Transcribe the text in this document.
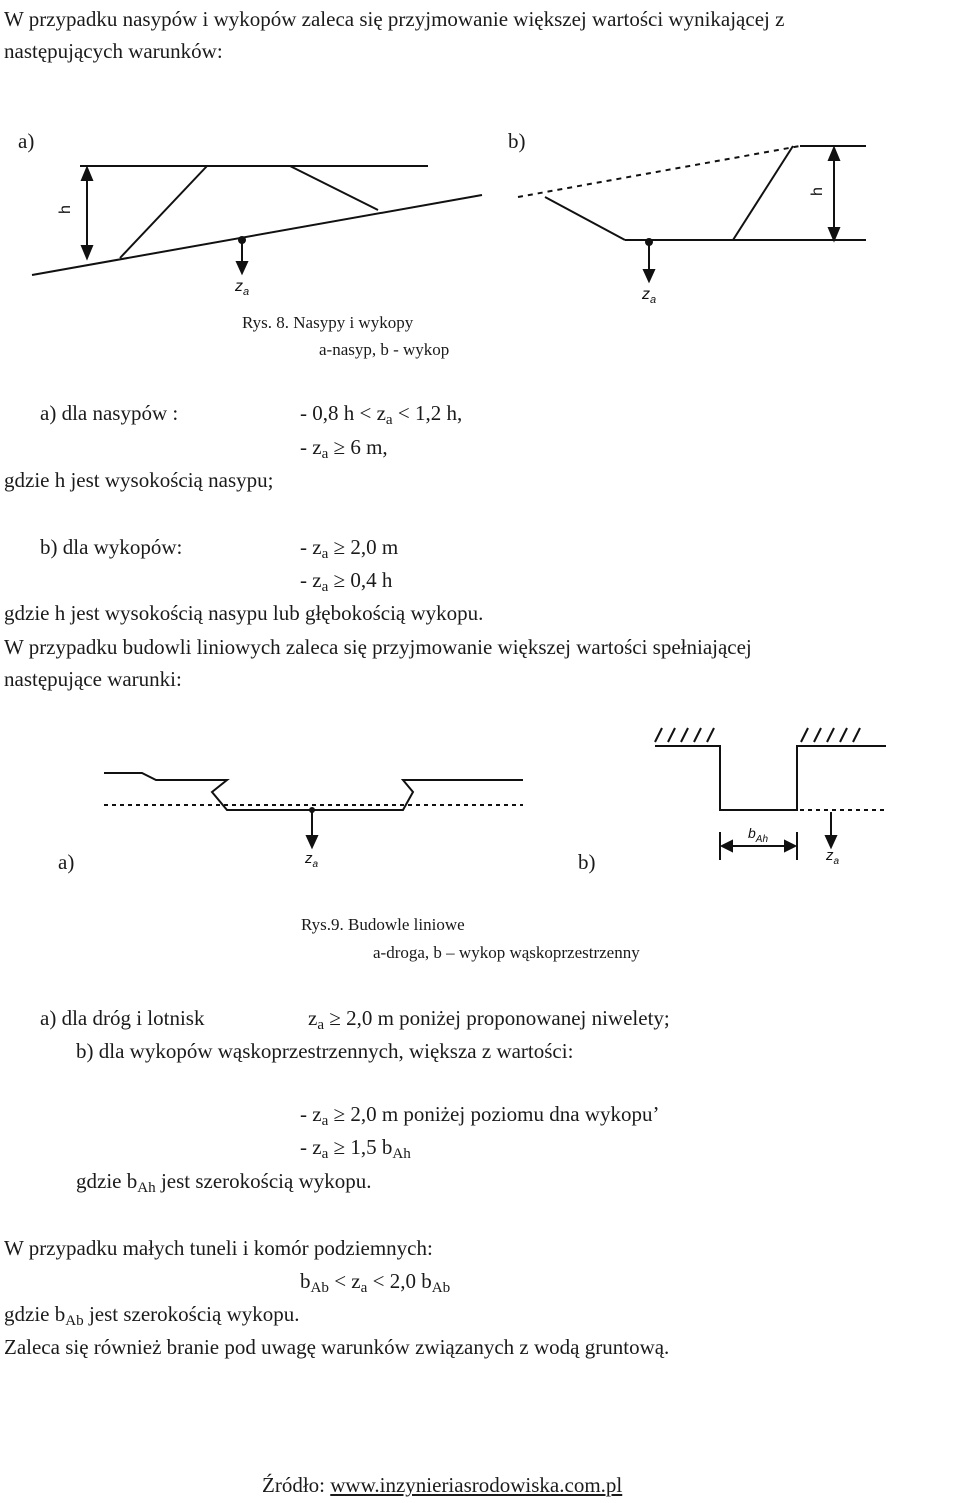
W przypadku nasypów i wykopów zaleca się przyjmowanie większej wartości wynikającej z
następujących warunków:
a)	b)
h
h
$z_a$	$z_a$
Rys. 8. Nasypy i wykopy
a-nasyp, b - wykop
a) dla nasypów :	- 0,8 $h < z_a < 1,2$ h,
- $z_a \ge 6$ m,
gdzie h jest wysokością nasypu;
b) dla wykopów:	- $z_a \ge 2,0$ m
- $z_a \ge 0,4$ h
gdzie h jest wysokością nasypu lub głębokością wykopu.
W przypadku budowli liniowych zaleca się przyjmowanie większej wartości spełniającej
następujące warunki:
$z_a$
$b_{Ah}$
$z_a$
a)	b)
Rys.9. Budowle liniowe
a-droga, b – wykop wąskoprzestrzenny
a) dla dróg i lotnisk	$z_a \ge 2,0$ m poniżej proponowanej niwelety;
b) dla wykopów wąskoprzestrzennych, większa z wartości:
- $z_a \ge 2,0$ m poniżej poziomu dna wykopu’
- $z_a \ge 1,5$ $b_{Ah}$
gdzie $b_{Ah}$ jest szerokością wykopu.
W przypadku małych tuneli i komór podziemnych:
$b_{Ab} < z_a < 2,0$ $b_{Ab}$
gdzie $b_{Ab}$ jest szerokością wykopu.
Zaleca się również branie pod uwagę warunków związanych z wodą gruntową.
Źródło: www.inzynieriasrodowiska.com.pl
